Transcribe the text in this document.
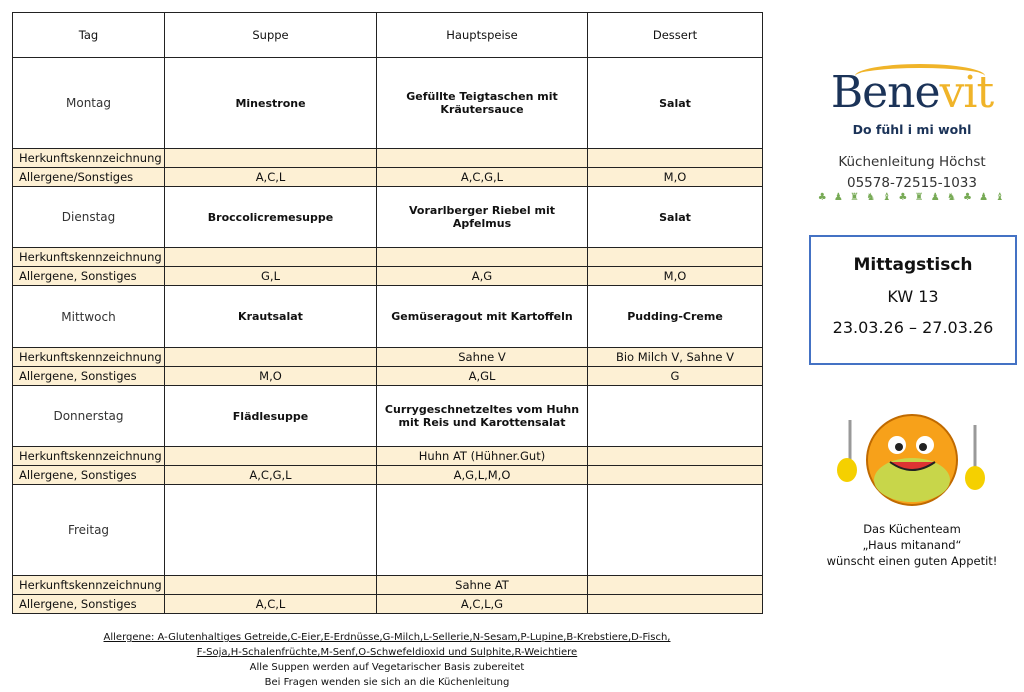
Tag	Suppe	Hauptspeise	Dessert
Montag	Minestrone	Gefüllte Teigtaschen mit Kräutersauce	Salat
Herkunftskennzeichnung			
Allergene/Sonstiges	A,C,L	A,C,G,L	M,O
Dienstag	Broccolicremesuppe	Vorarlberger Riebel mit Apfelmus	Salat
Herkunftskennzeichnung			
Allergene, Sonstiges	G,L	A,G	M,O
Mittwoch	Krautsalat	Gemüseragout mit Kartoffeln	Pudding-Creme
Herkunftskennzeichnung		Sahne V	Bio Milch V, Sahne V
Allergene, Sonstiges	M,O	A,GL	G
Donnerstag	Flädlesuppe	Currygeschnetzeltes vom Huhn mit Reis und Karottensalat	
Herkunftskennzeichnung		Huhn AT (Hühner.Gut)	
Allergene, Sonstiges	A,C,G,L	A,G,L,M,O	
Freitag			
Herkunftskennzeichnung		Sahne AT	
Allergene, Sonstiges	A,C,L	A,C,L,G	
Allergene: A-Glutenhaltiges Getreide,C-Eier,E-Erdnüsse,G-Milch,L-Sellerie,N-Sesam,P-Lupine,B-Krebstiere,D-Fisch,
F-Soja,H-Schalenfrüchte,M-Senf,O-Schwefeldioxid und Sulphite,R-Weichtiere
Alle Suppen werden auf Vegetarischer Basis zubereitet
Bei Fragen wenden sie sich an die Küchenleitung
Benevit
Do fühl i mi wohl
Küchenleitung Höchst
05578-72515-1033
♣ ♟ ♜ ♞ ♝ ♣ ♜ ♟ ♞ ♣ ♟ ♝
Mittagstisch
KW 13
23.03.26 – 27.03.26
Das Küchenteam
„Haus mitanand“
wünscht einen guten Appetit!
